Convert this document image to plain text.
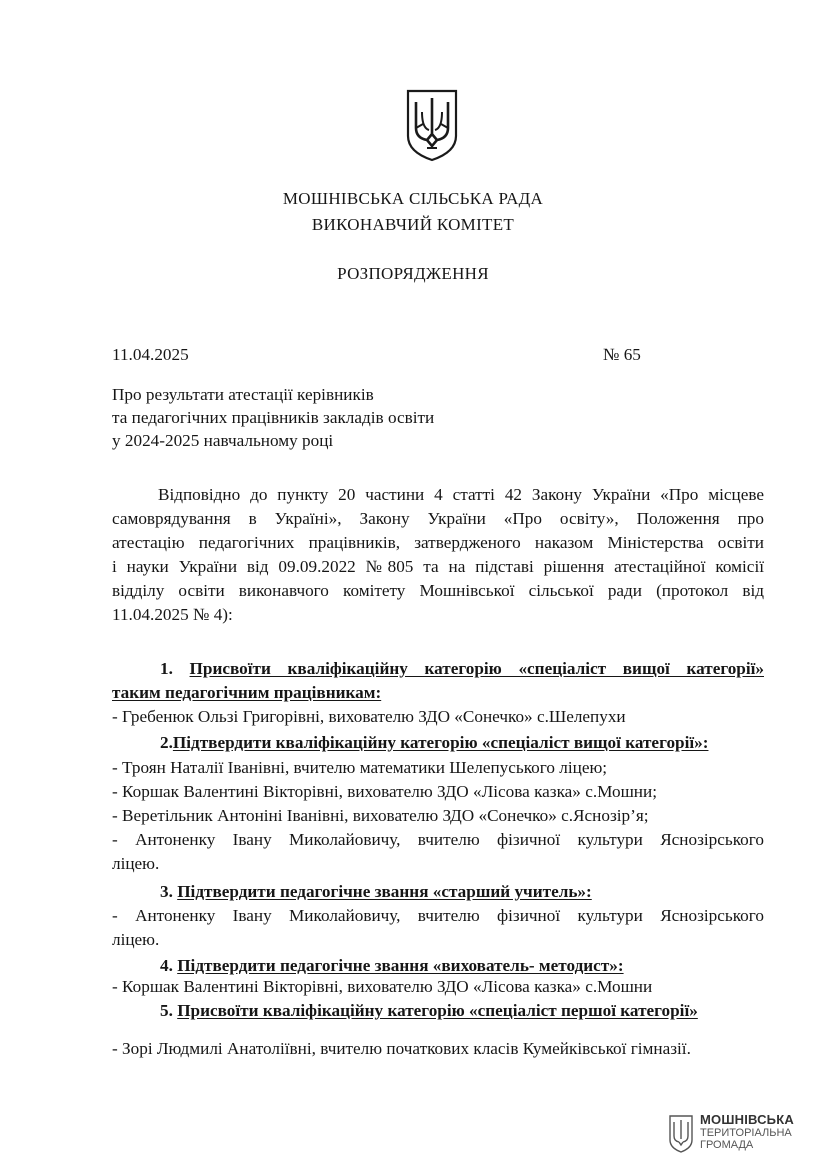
МОШНІВСЬКА СІЛЬСЬКА РАДА
ВИКОНАВЧИЙ КОМІТЕТ
РОЗПОРЯДЖЕННЯ
11.04.2025	№ 65
Про результати атестації керівників
та педагогічних працівників закладів освіти
у 2024-2025 навчальному році
Відповідно до пункту 20 частини 4 статті 42 Закону України «Про місцеве
самоврядування в Україні», Закону України «Про освіту», Положення про
атестацію педагогічних працівників, затвердженого наказом Міністерства освіти
і науки України від 09.09.2022 №805 та на підставі рішення атестаційної комісії
відділу освіти виконавчого комітету Мошнівської сільської ради (протокол від
11.04.2025 № 4):
1. Присвоїти кваліфікаційну категорію «спеціаліст вищої категорії»
таким педагогічним працівникам:
- Гребенюк Ользі Григорівні, вихователю ЗДО «Сонечко» с.Шелепухи
2.Підтвердити кваліфікаційну категорію «спеціаліст вищої категорії»:
- Троян Наталії Іванівні, вчителю математики Шелепуського ліцею;
- Коршак Валентині Вікторівні, вихователю ЗДО «Лісова казка» с.Мошни;
- Веретільник Антоніні Іванівні, вихователю ЗДО «Сонечко» с.Яснозір’я;
- Антоненку Івану Миколайовичу, вчителю фізичної культури Яснозірського
ліцею.
3. Підтвердити педагогічне звання «старший учитель»:
- Антоненку Івану Миколайовичу, вчителю фізичної культури Яснозірського
ліцею.
4. Підтвердити педагогічне звання «вихователь- методист»:
- Коршак Валентині Вікторівні, вихователю ЗДО «Лісова казка» с.Мошни
5. Присвоїти кваліфікаційну категорію «спеціаліст першої категорії»
- Зорі Людмилі Анатоліївні, вчителю початкових класів Кумейківської гімназії.
МОШНІВСЬКА
ТЕРИТОРІАЛЬНА
ГРОМАДА
